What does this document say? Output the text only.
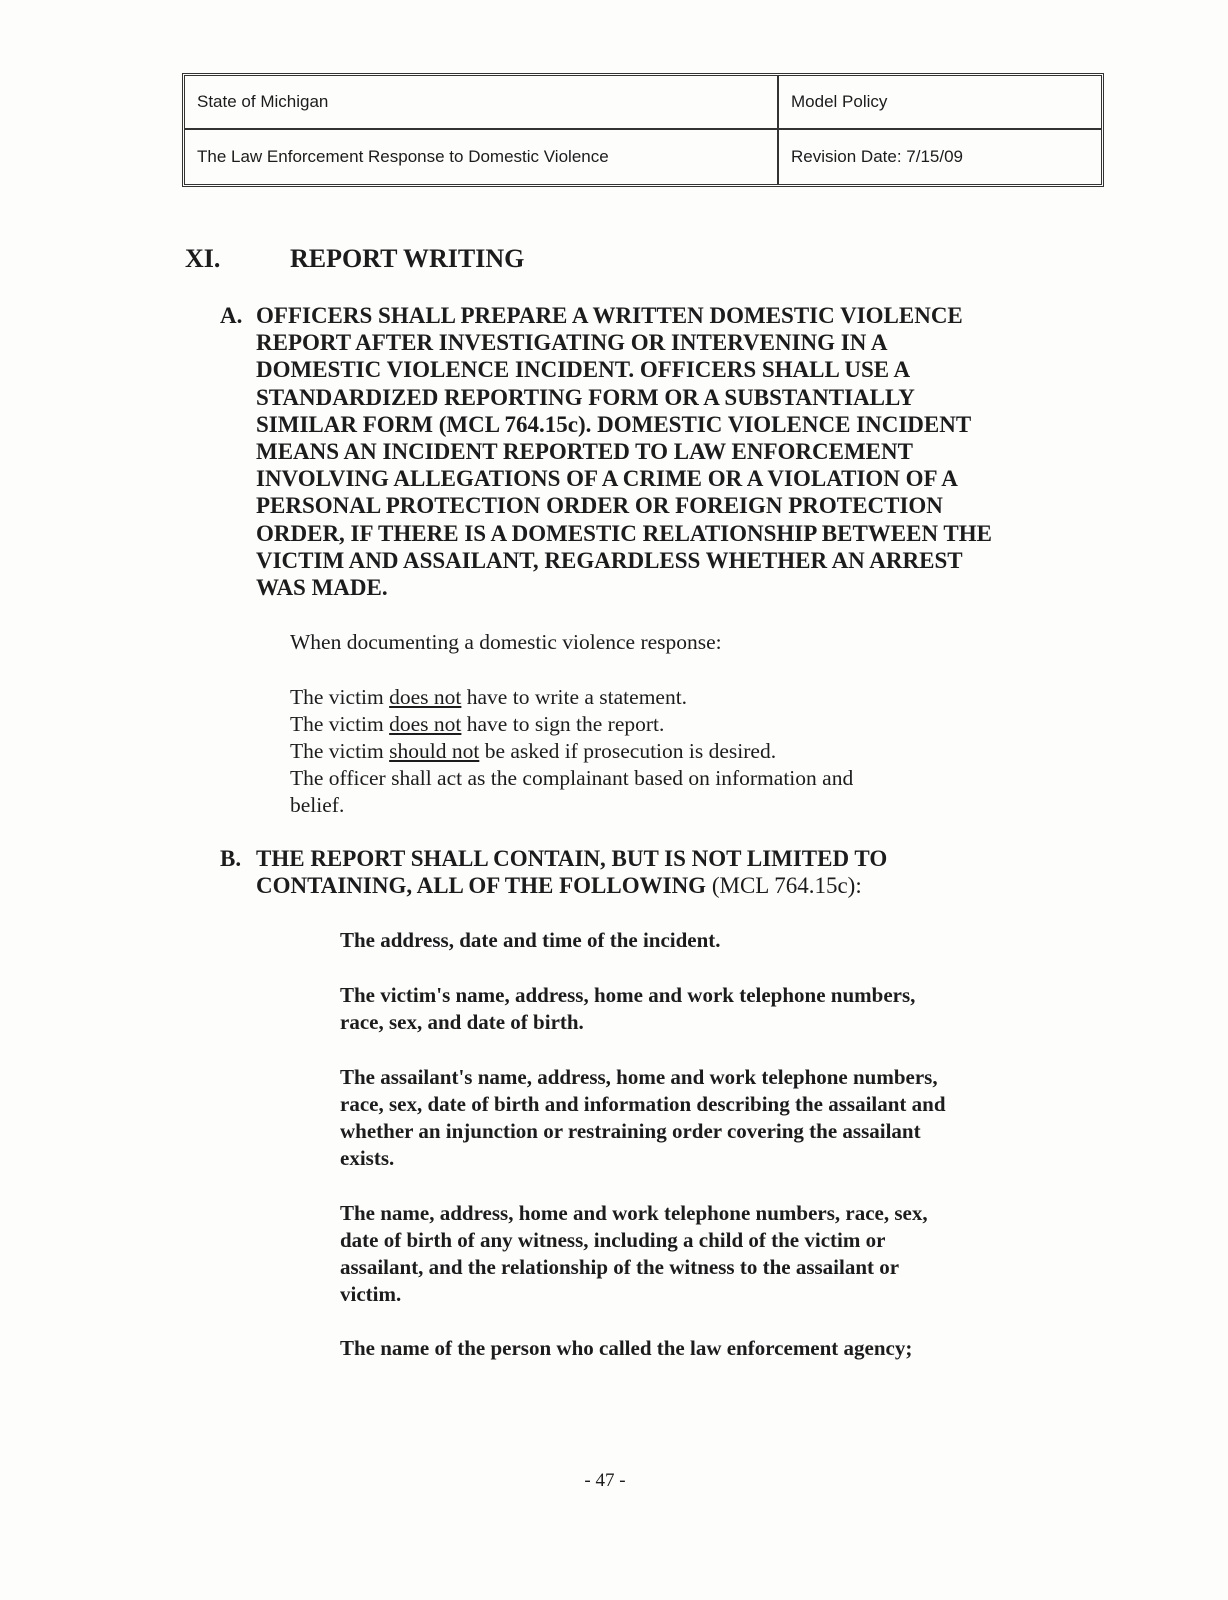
State of Michigan	Model Policy
The Law Enforcement Response to Domestic Violence	Revision Date: 7/15/09
XI.	REPORT WRITING
A. OFFICERS SHALL PREPARE A WRITTEN DOMESTIC VIOLENCE
REPORT AFTER INVESTIGATING OR INTERVENING IN A
DOMESTIC VIOLENCE INCIDENT. OFFICERS SHALL USE A
STANDARDIZED REPORTING FORM OR A SUBSTANTIALLY
SIMILAR FORM (MCL 764.15c). DOMESTIC VIOLENCE INCIDENT
MEANS AN INCIDENT REPORTED TO LAW ENFORCEMENT
INVOLVING ALLEGATIONS OF A CRIME OR A VIOLATION OF A
PERSONAL PROTECTION ORDER OR FOREIGN PROTECTION
ORDER, IF THERE IS A DOMESTIC RELATIONSHIP BETWEEN THE
VICTIM AND ASSAILANT, REGARDLESS WHETHER AN ARREST
WAS MADE.
When documenting a domestic violence response:
The victim does not have to write a statement.
The victim does not have to sign the report.
The victim should not be asked if prosecution is desired.
The officer shall act as the complainant based on information and
belief.
B. THE REPORT SHALL CONTAIN, BUT IS NOT LIMITED TO
CONTAINING, ALL OF THE FOLLOWING (MCL 764.15c):
The address, date and time of the incident.
The victim's name, address, home and work telephone numbers,
race, sex, and date of birth.
The assailant's name, address, home and work telephone numbers,
race, sex, date of birth and information describing the assailant and
whether an injunction or restraining order covering the assailant
exists.
The name, address, home and work telephone numbers, race, sex,
date of birth of any witness, including a child of the victim or
assailant, and the relationship of the witness to the assailant or
victim.
The name of the person who called the law enforcement agency;
- 47 -
